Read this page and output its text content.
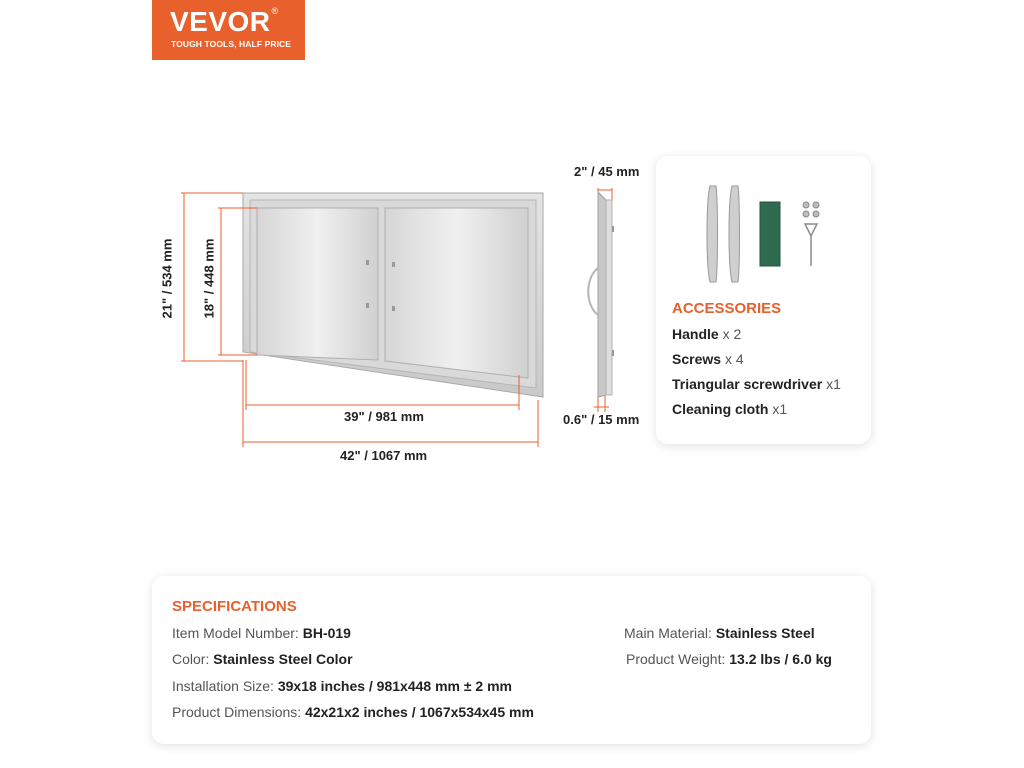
VEVOR®
TOUGH TOOLS, HALF PRICE
21" / 534 mm 18" / 448 mm
39" / 981 mm
42" / 1067 mm
2" / 45 mm
0.6" / 15 mm
ACCESSORIES
Handle x 2
Screws x 4
Triangular screwdriver x1
Cleaning cloth x1
SPECIFICATIONS
Item Model Number: BH-019
Color: Stainless Steel Color
Installation Size: 39x18 inches / 981x448 mm ± 2 mm
Product Dimensions: 42x21x2 inches / 1067x534x45 mm
Main Material: Stainless Steel
Product Weight: 13.2 lbs / 6.0 kg
